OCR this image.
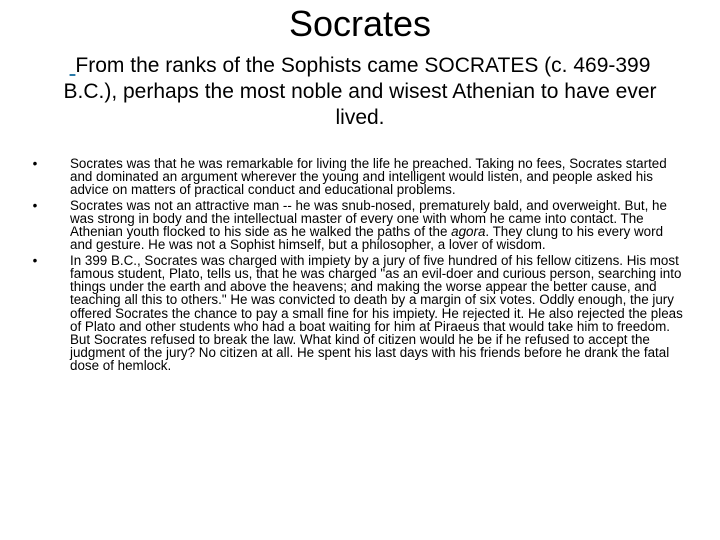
Socrates

From the ranks of the Sophists came SOCRATES (c. 469-399 B.C.), perhaps the most noble and wisest Athenian to have ever lived.

• Socrates was that he was remarkable for living the life he preached. Taking no fees, Socrates started and dominated an argument wherever the young and intelligent would listen, and people asked his advice on matters of practical conduct and educational problems.
• Socrates was not an attractive man -- he was snub-nosed, prematurely bald, and overweight. But, he was strong in body and the intellectual master of every one with whom he came into contact. The Athenian youth flocked to his side as he walked the paths of the agora. They clung to his every word and gesture. He was not a Sophist himself, but a philosopher, a lover of wisdom.
• In 399 B.C., Socrates was charged with impiety by a jury of five hundred of his fellow citizens. His most famous student, Plato, tells us, that he was charged "as an evil-doer and curious person, searching into things under the earth and above the heavens; and making the worse appear the better cause, and teaching all this to others." He was convicted to death by a margin of six votes. Oddly enough, the jury offered Socrates the chance to pay a small fine for his impiety. He rejected it. He also rejected the pleas of Plato and other students who had a boat waiting for him at Piraeus that would take him to freedom. But Socrates refused to break the law. What kind of citizen would he be if he refused to accept the judgment of the jury? No citizen at all. He spent his last days with his friends before he drank the fatal dose of hemlock.
